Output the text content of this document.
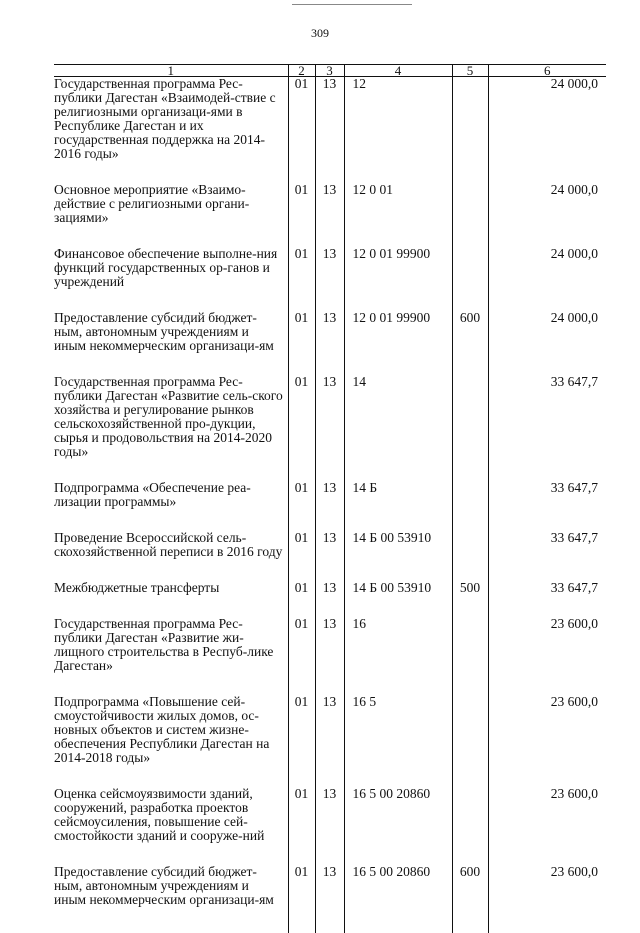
309
1	2	3	4	5	6
Государственная программа Рес-публики Дагестан «Взаимодей-ствие с религиозными организаци-ями в Республике Дагестан и их государственная поддержка на 2014-2016 годы»	01	13	12		24 000,0
Основное мероприятие «Взаимо-действие с религиозными органи-зациями»	01	13	12 0 01		24 000,0
Финансовое обеспечение выполне-ния функций государственных ор-ганов и учреждений	01	13	12 0 01 99900		24 000,0
Предоставление субсидий бюджет-ным, автономным учреждениям и иным некоммерческим организаци-ям	01	13	12 0 01 99900	600	24 000,0
Государственная программа Рес-публики Дагестан «Развитие сель-ского хозяйства и регулирование рынков сельскохозяйственной про-дукции, сырья и продовольствия на 2014-2020 годы»	01	13	14		33 647,7
Подпрограмма «Обеспечение реа-лизации программы»	01	13	14 Б		33 647,7
Проведение Всероссийской сель-скохозяйственной переписи в 2016 году	01	13	14 Б 00 53910		33 647,7
Межбюджетные трансферты	01	13	14 Б 00 53910	500	33 647,7
Государственная программа Рес-публики Дагестан «Развитие жи-лищного строительства в Респуб-лике Дагестан»	01	13	16		23 600,0
Подпрограмма «Повышение сей-смоустойчивости жилых домов, ос-новных объектов и систем жизне-обеспечения Республики Дагестан на 2014-2018 годы»	01	13	16 5		23 600,0
Оценка сейсмоуязвимости зданий, сооружений, разработка проектов сейсмоусиления, повышение сей-смостойкости зданий и сооруже-ний	01	13	16 5 00 20860		23 600,0
Предоставление субсидий бюджет-ным, автономным учреждениям и иным некоммерческим организаци-ям	01	13	16 5 00 20860	600	23 600,0
